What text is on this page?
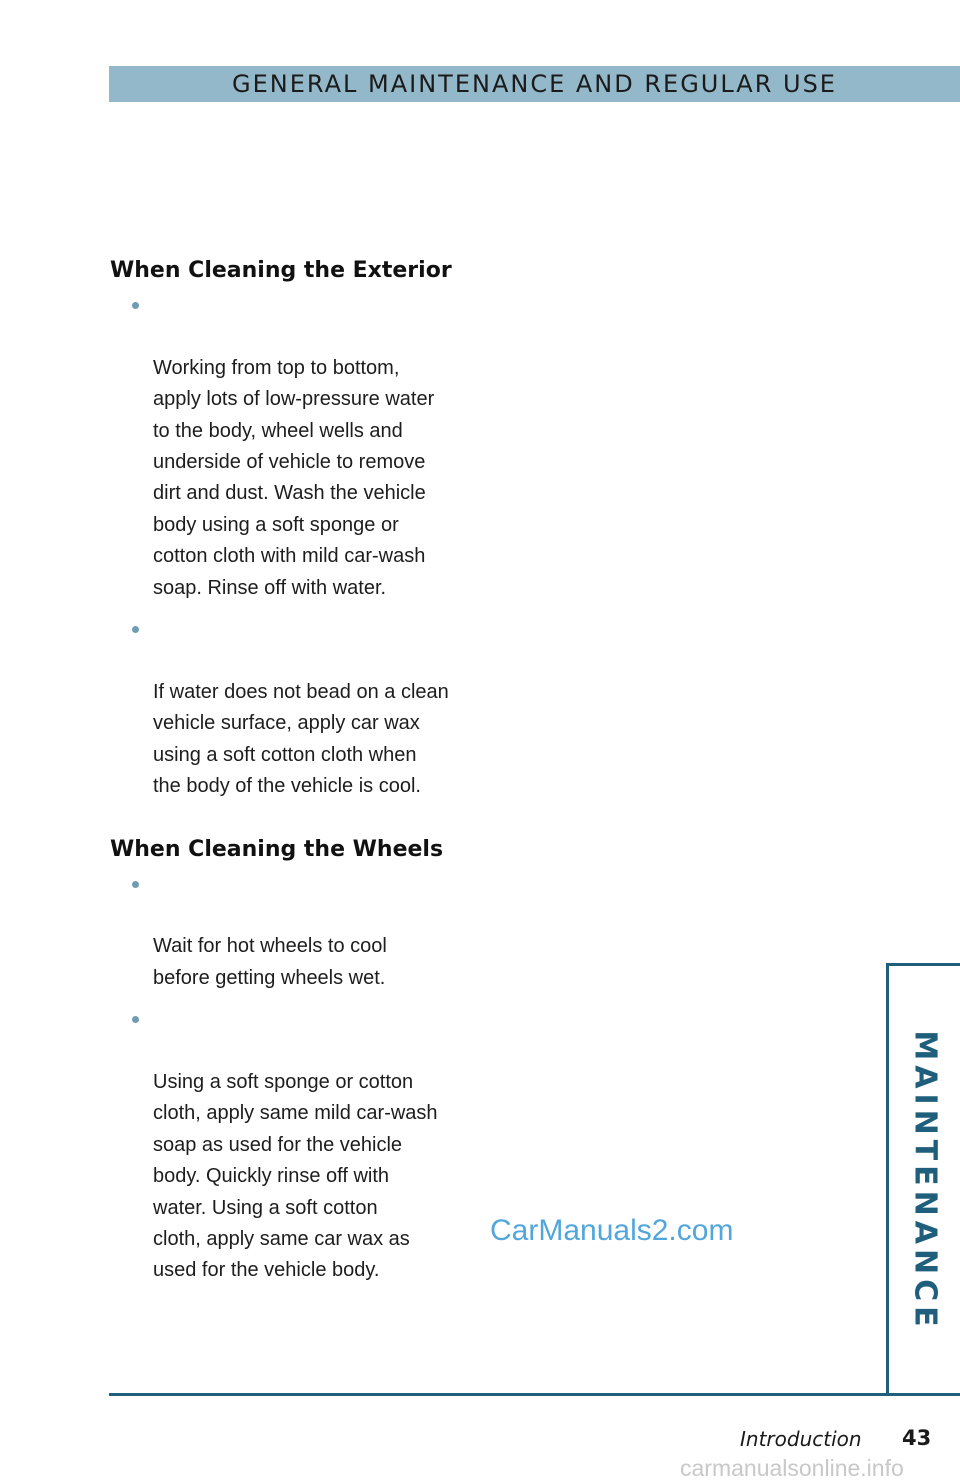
GENERAL MAINTENANCE AND REGULAR USE
When Cleaning the Exterior

Working from top to bottom,
apply lots of low-pressure water
to the body, wheel wells and
underside of vehicle to remove
dirt and dust. Wash the vehicle
body using a soft sponge or
cotton cloth with mild car-wash
soap. Rinse off with water.

If water does not bead on a clean
vehicle surface, apply car wax
using a soft cotton cloth when
the body of the vehicle is cool.

When Cleaning the Wheels

Wait for hot wheels to cool
before getting wheels wet.

Using a soft sponge or cotton
cloth, apply same mild car-wash
soap as used for the vehicle
body. Quickly rinse off with
water. Using a soft cotton
cloth, apply same car wax as
used for the vehicle body.

CarManuals2.com	MAINTENANCE
Introduction 43
carmanualsonline.info
